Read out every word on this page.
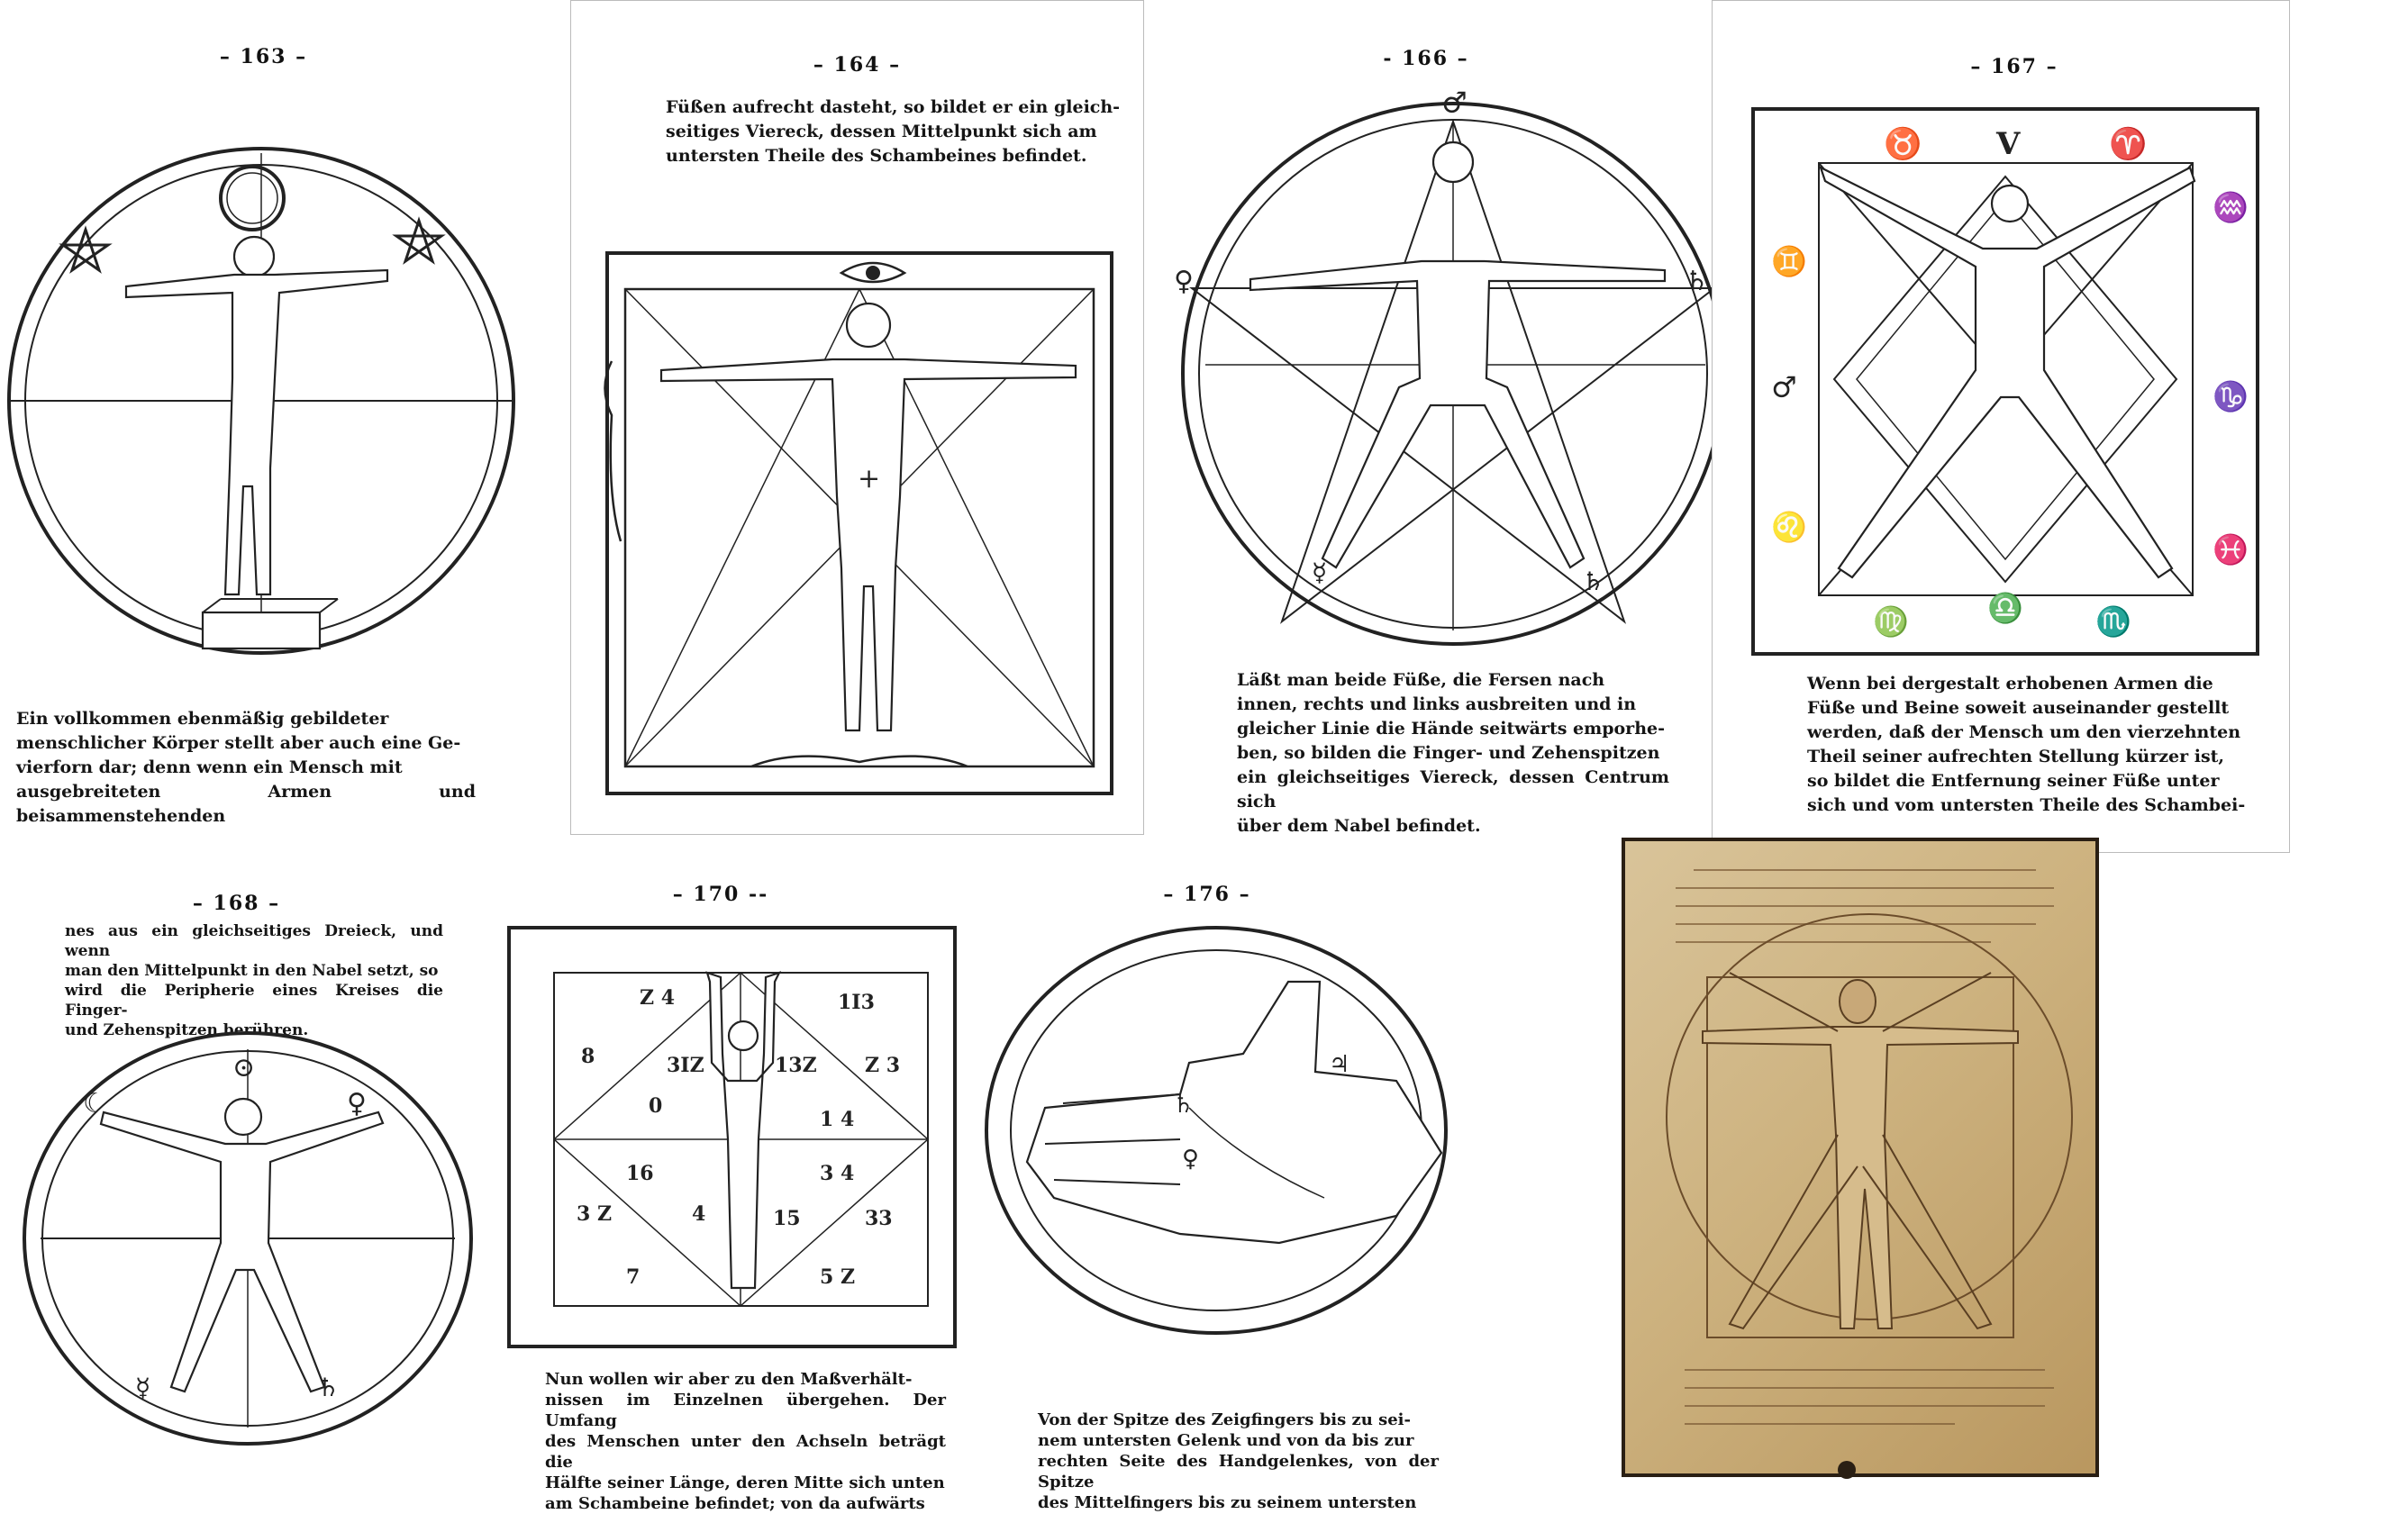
– 163 –

Ein vollkommen ebenmäßig gebildeter

menschlicher Körper stellt aber auch eine Ge-

vierforn dar; denn wenn ein Mensch mit

ausgebreiteten Armen und beisammenstehenden

– 164 –

Füßen aufrecht dasteht, so bildet er ein gleich-

seitiges Viereck, dessen Mittelpunkt sich am

untersten Theile des Schambeines befindet.

+
- 166 –
♂
♀	♄
☿	♄

Läßt man beide Füße, die Fersen nach

innen, rechts und links ausbreiten und in

gleicher Linie die Hände seitwärts emporhe-

ben, so bilden die Finger- und Zehenspitzen

ein gleichseitiges Viereck, dessen Centrum sich

über dem Nabel befindet.

– 167 –
♉ V	♈
♊
♂
♌
♒
♑
♓
♍	♎	♏

Wenn bei dergestalt erhobenen Armen die

Füße und Beine soweit auseinander gestellt

werden, daß der Mensch um den vierzehnten

Theil seiner aufrechten Stellung kürzer ist,

so bildet die Entfernung seiner Füße unter

sich und vom untersten Theile des Schambei-

– 168 –

nes aus ein gleichseitiges Dreieck, und wenn

man den Mittelpunkt in den Nabel setzt, so

wird die Peripherie eines Kreises die Finger-

und Zehenspitzen berühren.

☾
⊙
♀
☿	♄
– 170 --
Z 4	1Ι3
8	3ΙZ	13Z Z 3
0
1 4
16	3 4
3 Z	4	15	33
7	5 Z

Nun wollen wir aber zu den Maßverhält-

nissen im Einzelnen übergehen. Der Umfang

des Menschen unter den Achseln beträgt die

Hälfte seiner Länge, deren Mitte sich unten

am Schambeine befindet; von da aufwärts

– 176 –
♄
♃
♀

Von der Spitze des Zeigfingers bis zu sei-

nem untersten Gelenk und von da bis zur

rechten Seite des Handgelenkes, von der Spitze

des Mittelfingers bis zu seinem untersten
